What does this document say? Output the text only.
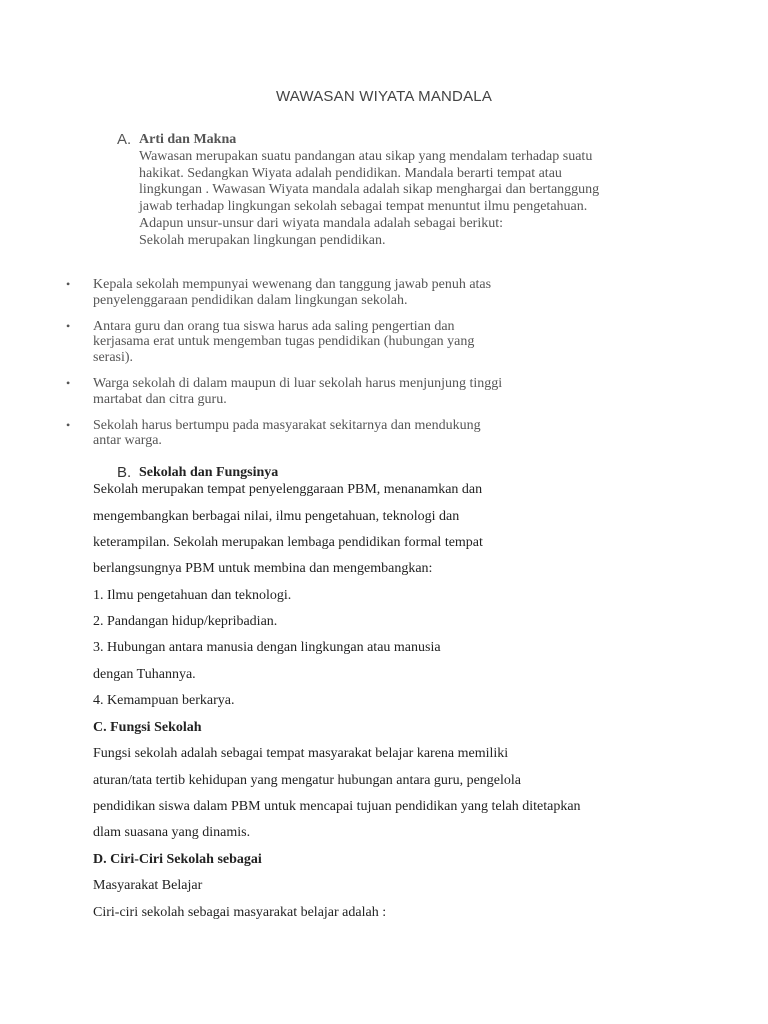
WAWASAN WIYATA MANDALA
A. Arti dan Makna
Wawasan merupakan suatu pandangan atau sikap yang mendalam terhadap suatu
hakikat. Sedangkan Wiyata adalah pendidikan. Mandala berarti tempat atau
lingkungan . Wawasan Wiyata mandala adalah sikap menghargai dan bertanggung
jawab terhadap lingkungan sekolah sebagai tempat menuntut ilmu pengetahuan.
Adapun unsur-unsur dari wiyata mandala adalah sebagai berikut:
Sekolah merupakan lingkungan pendidikan.
• Kepala sekolah mempunyai wewenang dan tanggung jawab penuh atas
penyelenggaraan pendidikan dalam lingkungan sekolah.
• Antara guru dan orang tua siswa harus ada saling pengertian dan
kerjasama erat untuk mengemban tugas pendidikan (hubungan yang
serasi).
• Warga sekolah di dalam maupun di luar sekolah harus menjunjung tinggi
martabat dan citra guru.
• Sekolah harus bertumpu pada masyarakat sekitarnya dan mendukung
antar warga.
B. Sekolah dan Fungsinya
Sekolah merupakan tempat penyelenggaraan PBM, menanamkan dan
mengembangkan berbagai nilai, ilmu pengetahuan, teknologi dan
keterampilan. Sekolah merupakan lembaga pendidikan formal tempat
berlangsungnya PBM untuk membina dan mengembangkan:
1. Ilmu pengetahuan dan teknologi.
2. Pandangan hidup/kepribadian.
3. Hubungan antara manusia dengan lingkungan atau manusia
dengan Tuhannya.
4. Kemampuan berkarya.
C. Fungsi Sekolah
Fungsi sekolah adalah sebagai tempat masyarakat belajar karena memiliki
aturan/tata tertib kehidupan yang mengatur hubungan antara guru, pengelola
pendidikan siswa dalam PBM untuk mencapai tujuan pendidikan yang telah ditetapkan
dlam suasana yang dinamis.
D. Ciri-Ciri Sekolah sebagai
Masyarakat Belajar
Ciri-ciri sekolah sebagai masyarakat belajar adalah :
